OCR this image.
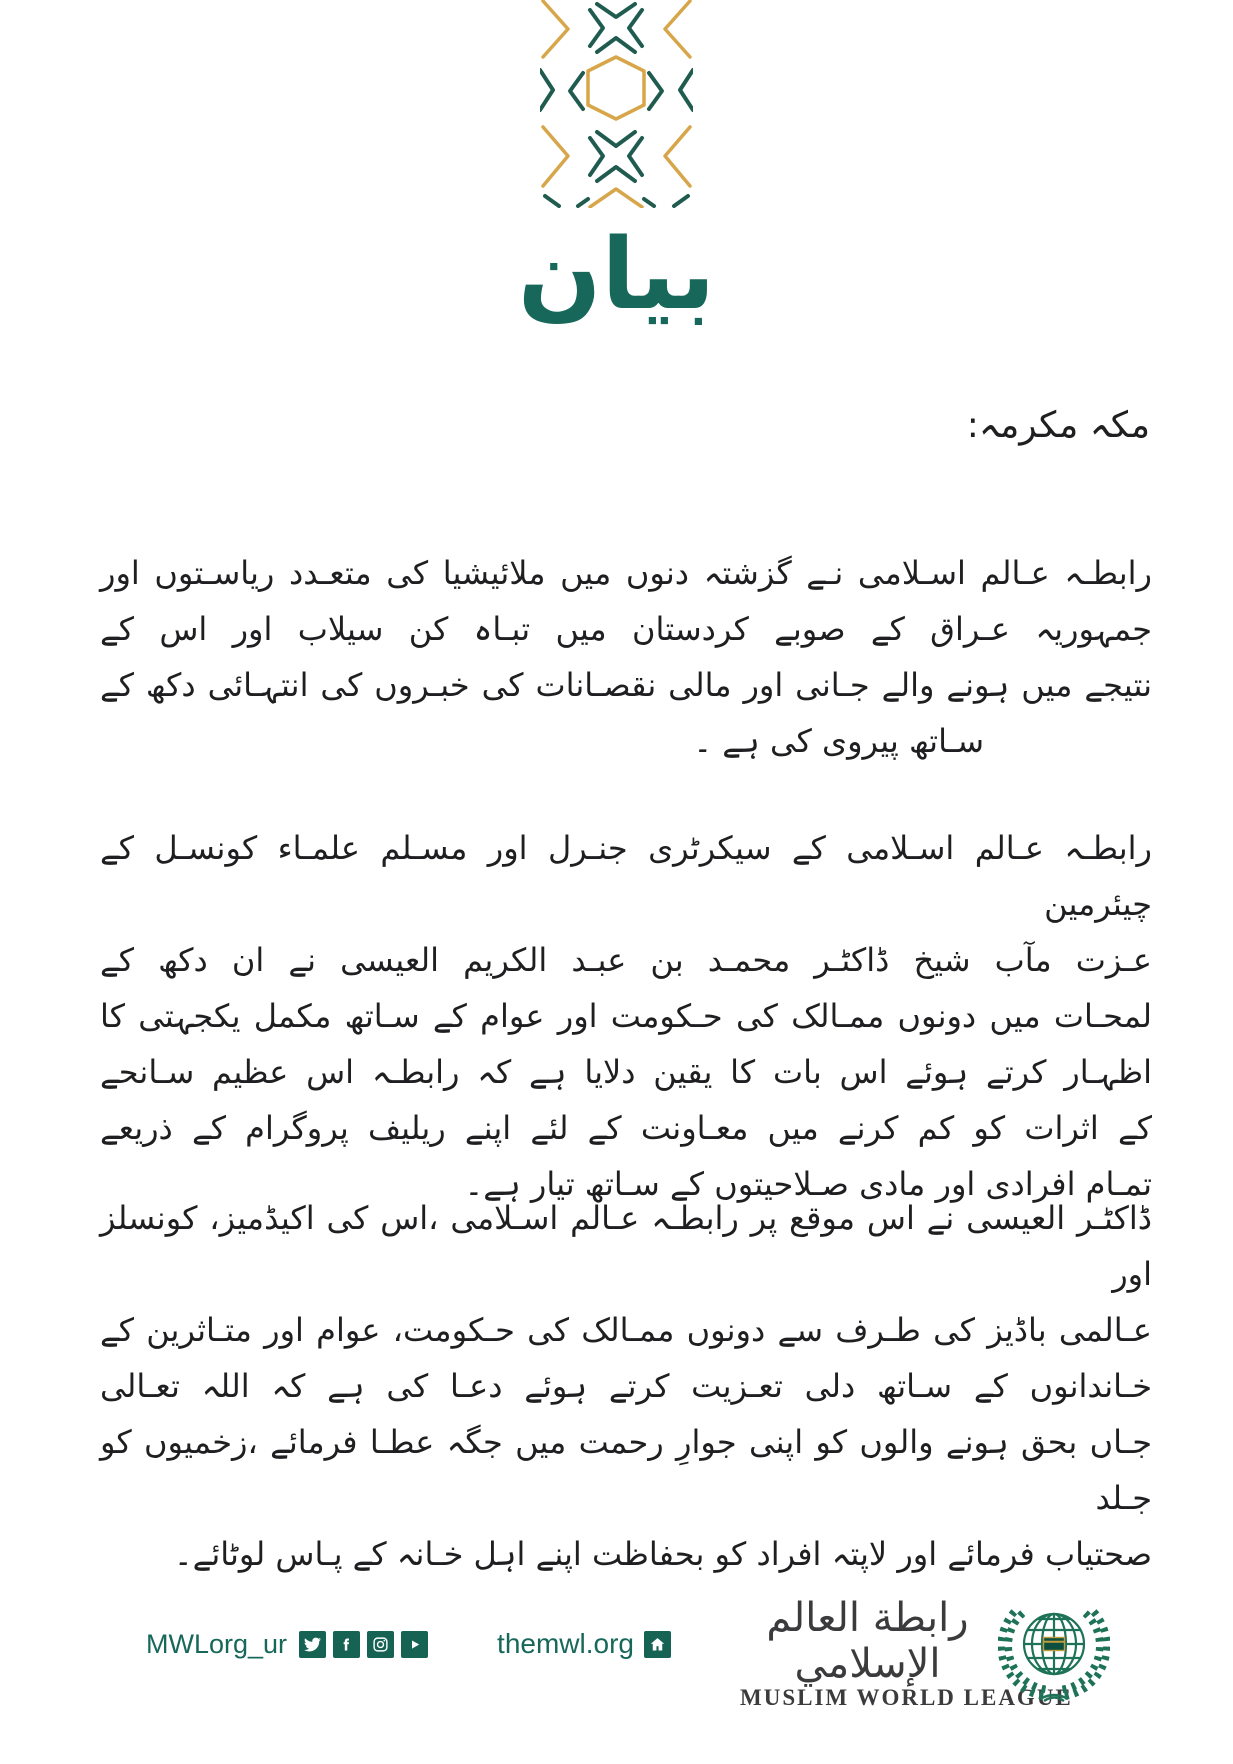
بيان
مکہ مکرمہ:
رابطـہ عـالم اسـلامی نـے گزشتہ دنوں میں ملائیشیا کی متعـدد ریاسـتوں اور
جمہوریہ عـراق کے صوبے کردستان میں تبـاہ کن سیلاب اور اس کے
نتیجے میں ہونے والے جـانی اور مالی نقصـانات کی خبـروں کی انتہـائی دکھ کے
سـاتھ پیروی کی ہے ۔
رابطـہ عـالم اسـلامی کے سیکرٹری جنـرل اور مسـلم علمـاء کونسـل کے چیئرمین
عـزت مآب شیخ ڈاکٹـر محمـد بن عبـد الکریم العیسی نے ان دکھ کے
لمحـات میں دونوں ممـالک کی حـکومت اور عوام کے سـاتھ مکمل یکجہتی کا
اظہـار کرتے ہوئے اس بات کا یقین دلایا ہے کہ رابطـہ اس عظیم سـانحے
کے اثرات کو کم کرنے میں معـاونت کے لئے اپنے ریلیف پروگرام کے ذریعے
تمـام افرادی اور مادی صـلاحیتوں کے سـاتھ تیار ہے۔
ڈاکٹـر العیسی نے اس موقع پر رابطـہ عـالم اسـلامی ،اس کی اکیڈمیز، کونسلز اور
عـالمی باڈیز کی طـرف سے دونوں ممـالک کی حـکومت، عوام اور متـاثرین کے
خـاندانوں کے سـاتھ دلی تعـزیت کرتے ہوئے دعـا کی ہے کہ اللہ تعـالی
جـاں بحق ہونے والوں کو اپنی جوارِ رحمت میں جگہ عطـا فرمائے ،زخمیوں کو جـلد
صحتیاب فرمائے اور لاپتہ افراد کو بحفاظت اپنے اہل خـانہ کے پـاس لوٹائے۔
MWLorg_ur	themwl.org
رابطة العالم الإسلامي
MUSLIM WORLD LEAGUE
